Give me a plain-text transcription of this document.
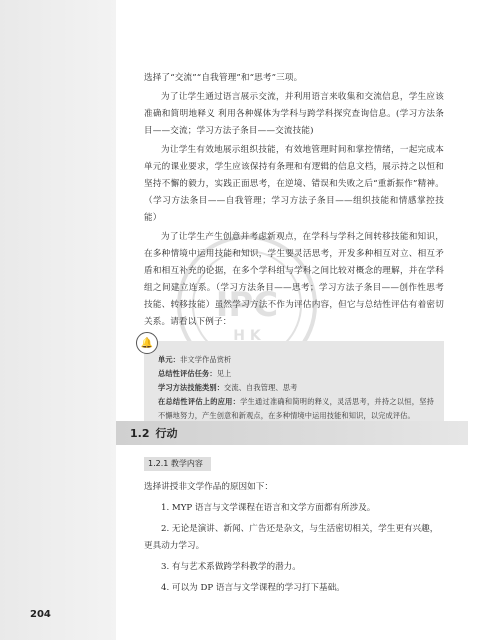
IPC
H K

选择了“交流”“自我管理”和“思考”三项。

为了让学生通过语言展示交流，并利用语言来收集和交流信息，学生应该准确和简明地释义 利用各种媒体为学科与跨学科探究查询信息。(学习方法条目——交流；学习方法子条目——交流技能)

为让学生有效地展示组织技能，有效地管理时间和掌控情绪，一起完成本单元的课业要求，学生应该保持有条理和有逻辑的信息文档，展示持之以恒和坚持不懈的毅力，实践正面思考，在逆境、错误和失败之后“重新振作”精神。（学习方法条目——自我管理；学习方法子条目——组织技能和情感掌控技能）

为了让学生产生创意并考虑新观点，在学科与学科之间转移技能和知识，在多种情境中运用技能和知识，学生要灵活思考，开发多种相互对立、相互矛盾和相互补充的论据，在多个学科组与学科之间比较对概念的理解，并在学科组之间建立连系。（学习方法条目——思考；学习方法子条目——创作性思考技能、转移技能）虽然学习方法不作为评估内容，但它与总结性评估有着密切关系。请看以下例子：

🔔

单元：非文学作品赏析

总结性评估任务：见上

学习方法技能类别：交流、自我管理、思考

在总结性评估上的应用：学生通过准确和简明的释义，灵活思考，并持之以恒，坚持不懈地努力，产生创意和新观点，在多种情境中运用技能和知识，以完成评估。

1.2 行动
1.2.1 教学内容

选择讲授非文学作品的原因如下：

1. MYP 语言与文学课程在语言和文学方面都有所涉及。

2. 无论是演讲、新闻、广告还是杂文，与生活密切相关，学生更有兴趣，更具动力学习。

3. 有与艺术系做跨学科教学的潜力。

4. 可以为 DP 语言与文学课程的学习打下基础。

204
